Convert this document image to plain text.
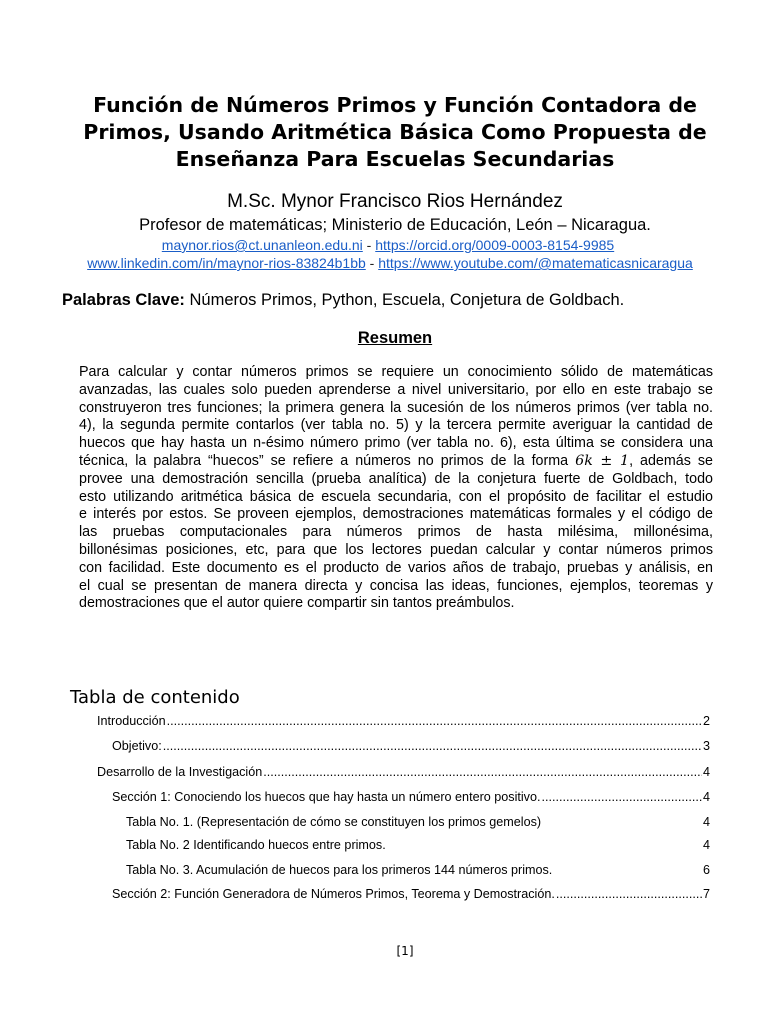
Función de Números Primos y Función Contadora de
Primos, Usando Aritmética Básica Como Propuesta de
Enseñanza Para Escuelas Secundarias
M.Sc. Mynor Francisco Rios Hernández
Profesor de matemáticas; Ministerio de Educación, León – Nicaragua.
maynor.rios@ct.unanleon.edu.ni - https://orcid.org/0009-0003-8154-9985
www.linkedin.com/in/maynor-rios-83824b1bb - https://www.youtube.com/@matematicasnicaragua
Palabras Clave: Números Primos, Python, Escuela, Conjetura de Goldbach.
Resumen
Para calcular y contar números primos se requiere un conocimiento sólido de matemáticas
avanzadas, las cuales solo pueden aprenderse a nivel universitario, por ello en este trabajo se
construyeron tres funciones; la primera genera la sucesión de los números primos (ver tabla no.
4), la segunda permite contarlos (ver tabla no. 5) y la tercera permite averiguar la cantidad de
huecos que hay hasta un n-ésimo número primo (ver tabla no. 6), esta última se considera una
técnica, la palabra “huecos” se refiere a números no primos de la forma 6k ± 1, además se
provee una demostración sencilla (prueba analítica) de la conjetura fuerte de Goldbach, todo
esto utilizando aritmética básica de escuela secundaria, con el propósito de facilitar el estudio
e interés por estos. Se proveen ejemplos, demostraciones matemáticas formales y el código de
las pruebas computacionales para números primos de hasta milésima, millonésima,
billonésimas posiciones, etc, para que los lectores puedan calcular y contar números primos
con facilidad. Este documento es el producto de varios años de trabajo, pruebas y análisis, en
el cual se presentan de manera directa y concisa las ideas, funciones, ejemplos, teoremas y
demostraciones que el autor quiere compartir sin tantos preámbulos.
Tabla de contenido
Introducción .....	2
Objetivo: .....	3
Desarrollo de la Investigación .....	4
Sección 1: Conociendo los huecos que hay hasta un número entero positivo. .....	4
Tabla No. 1. (Representación de cómo se constituyen los primos gemelos)	4
Tabla No. 2 Identificando huecos entre primos.	4
Tabla No. 3. Acumulación de huecos para los primeros 144 números primos.	6
Sección 2: Función Generadora de Números Primos, Teorema y Demostración. .....	7
[1]
